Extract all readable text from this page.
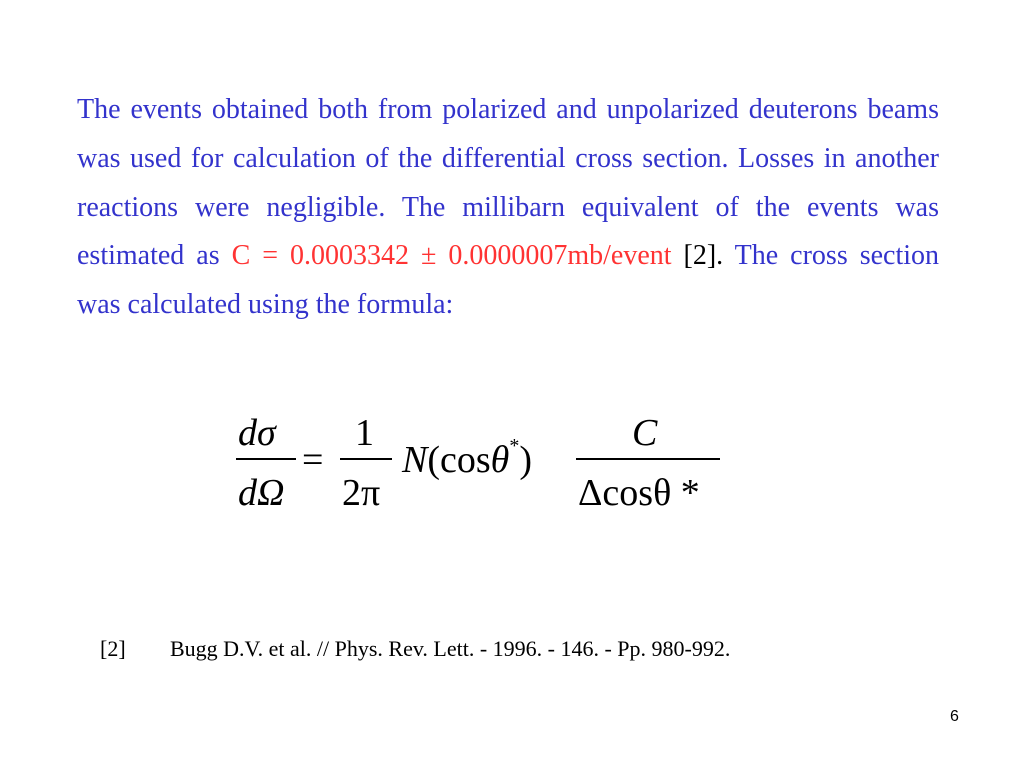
The events obtained both from polarized and unpolarized deuterons beams was used for calculation of the differential cross section. Losses in another reactions were negligible. The millibarn equivalent of the events was estimated as C = 0.0003342 ± 0.0000007mb/event [2]. The cross section was calculated using the formula:
dσ
dΩ
=
1
2π
N(cosθ*)
C
Δcosθ *
[2] Bugg D.V. et al. // Phys. Rev. Lett. - 1996. - 146. - Pp. 980-992.
6
